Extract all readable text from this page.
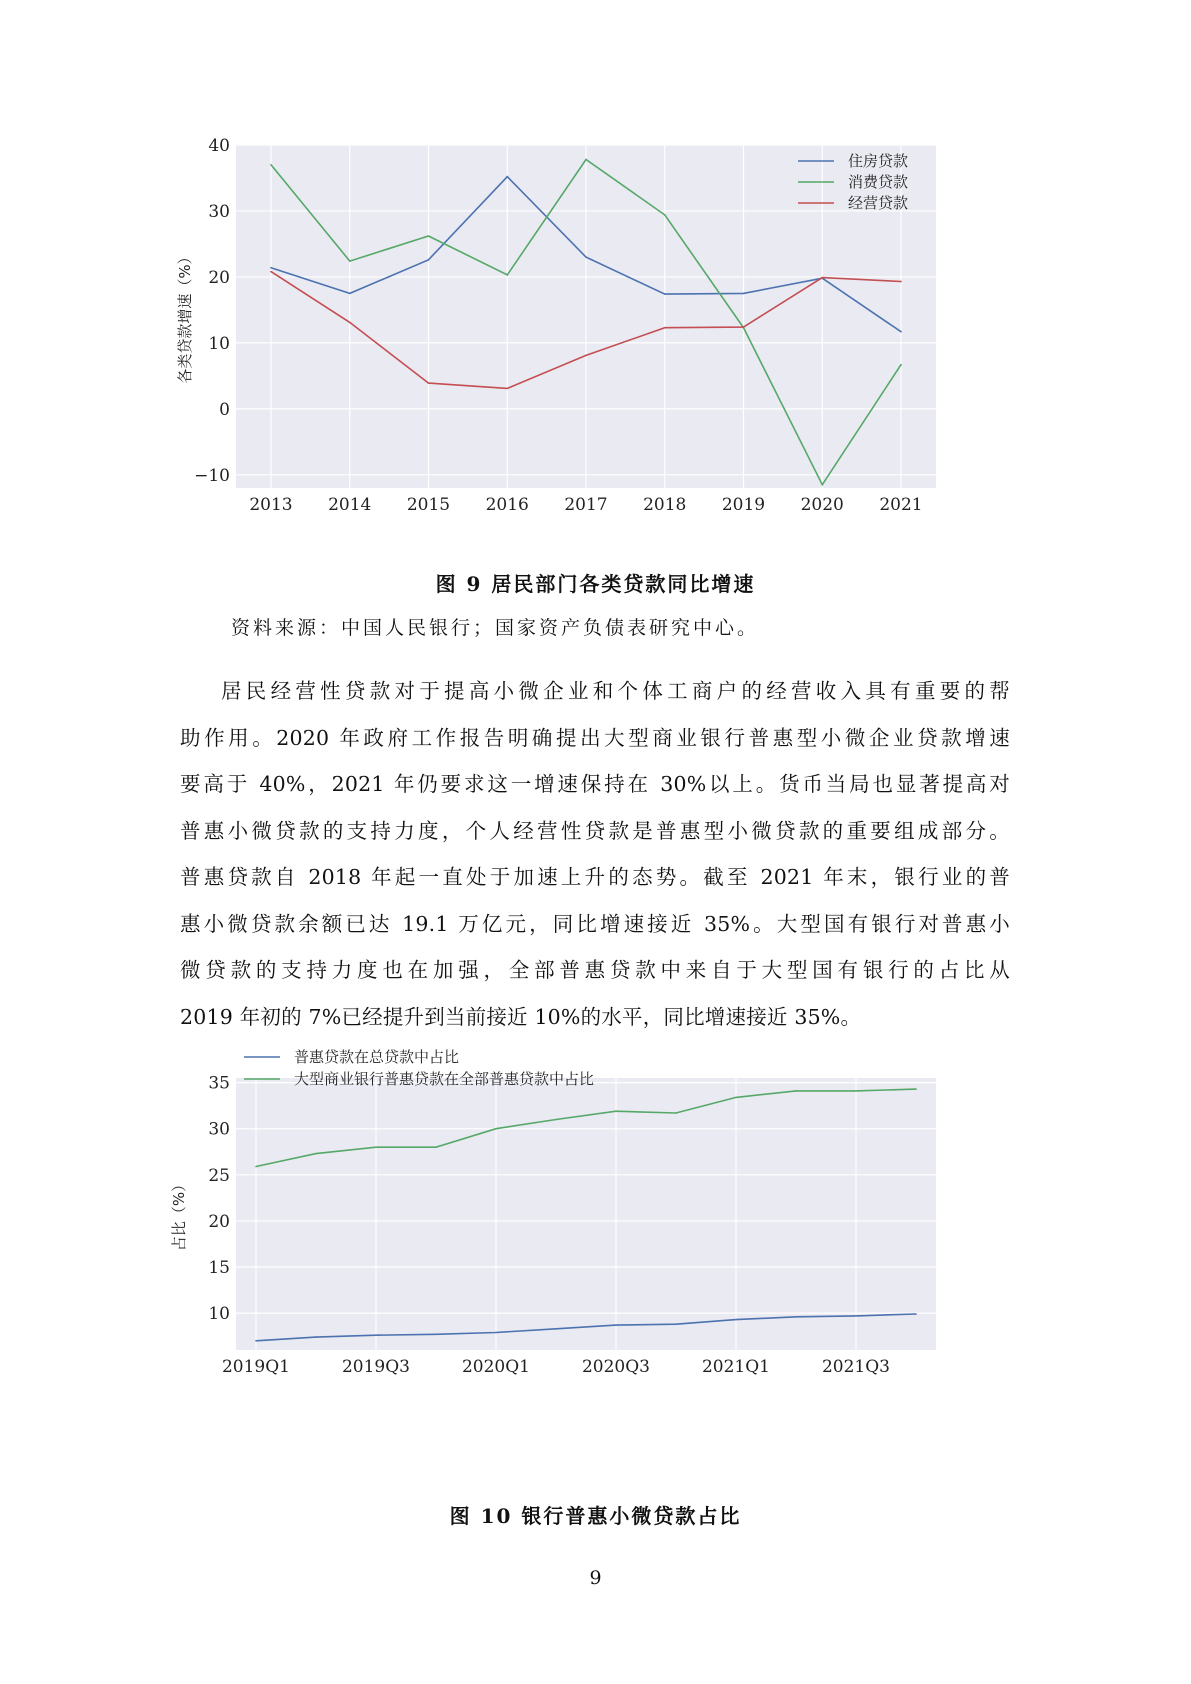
−10
0
10
20
30
40
2013 2014 2015 2016 2017 2018 2019 2020 2021
各类贷款增速（%）
住房贷款
消费贷款
经营贷款
图 9 居民部门各类贷款同比增速
资料来源：中国人民银行；国家资产负债表研究中心。
居民经营性贷款对于提高小微企业和个体工商户的经营收入具有重要的帮
助作用。2020 年政府工作报告明确提出大型商业银行普惠型小微企业贷款增速
要高于 40%，2021 年仍要求这一增速保持在 30%以上。货币当局也显著提高对
普惠小微贷款的支持力度，个人经营性贷款是普惠型小微贷款的重要组成部分。
普惠贷款自 2018 年起一直处于加速上升的态势。截至 2021 年末，银行业的普
惠小微贷款余额已达 19.1 万亿元，同比增速接近 35%。大型国有银行对普惠小
微贷款的支持力度也在加强，全部普惠贷款中来自于大型国有银行的占比从
2019 年初的 7%已经提升到当前接近 10%的水平，同比增速接近 35%。
10
15
20
25
30
35
2019Q1	2019Q3	2020Q1	2020Q3	2021Q1	2021Q3
占比（%）
普惠贷款在总贷款中占比
大型商业银行普惠贷款在全部普惠贷款中占比
图 10 银行普惠小微贷款占比
9
